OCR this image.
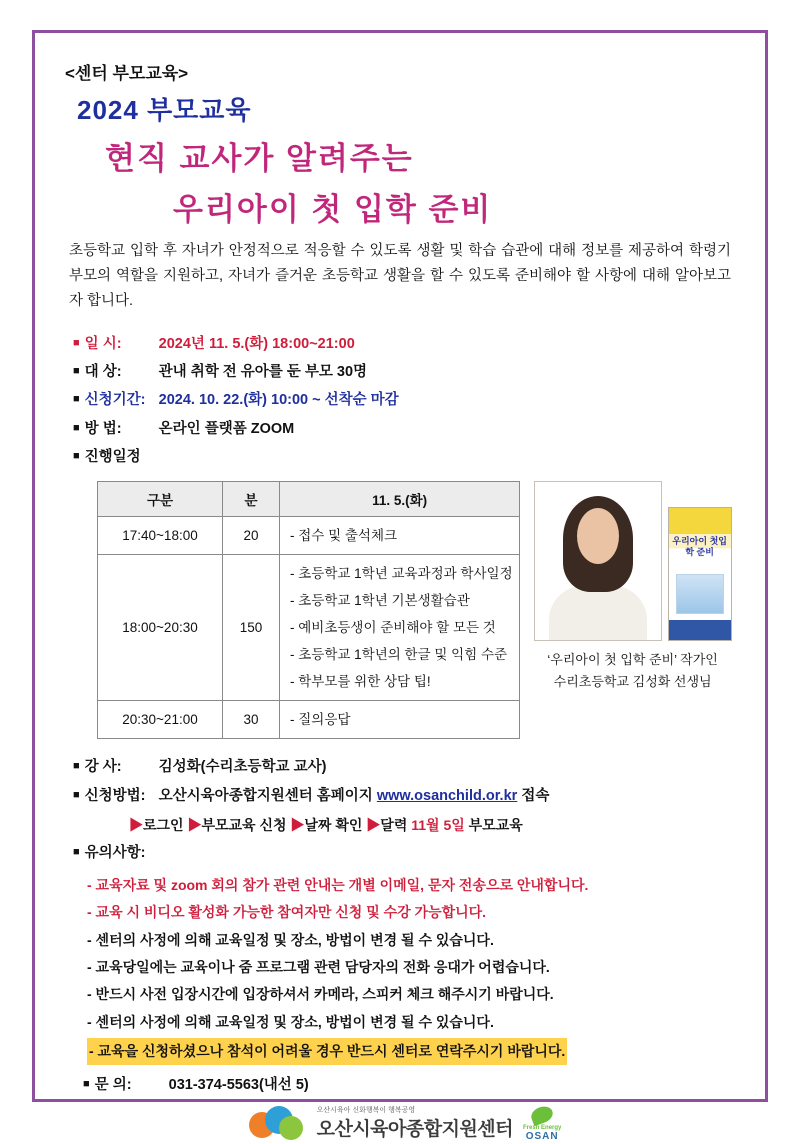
<센터 부모교육>
2024 부모교육
현직 교사가 알려주는
우리아이 첫 입학 준비
초등학교 입학 후 자녀가 안정적으로 적응할 수 있도록 생활 및 학습 습관에 대해 정보를 제공하여 학령기 부모의 역할을 지원하고, 자녀가 즐거운 초등학교 생활을 할 수 있도록 준비해야 할 사항에 대해 알아보고자 합니다.
■ 일 시:	2024년 11. 5.(화) 18:00~21:00
■ 대 상:	관내 취학 전 유아를 둔 부모 30명
■ 신청기간: 2024. 10. 22.(화) 10:00 ~ 선착순 마감
■ 방 법:	온라인 플랫폼 ZOOM
■ 진행일정
구분	분	11. 5.(화)
17:40~18:00	20	- 접수 및 출석체크
18:00~20:30	150	- 초등학교 1학년 교육과정과 학사일정
- 초등학교 1학년 기본생활습관
- 예비초등생이 준비해야 할 모든 것
- 초등학교 1학년의 한글 및 익힘 수준
- 학부모를 위한 상담 팁!

20:30~21:00	30	- 질의응답
우리아이 첫입학 준비
‘우리아이 첫 입학 준비’ 작가인
수리초등학교 김성화 선생님
■ 강 사:	김성화(수리초등학교 교사)
■ 신청방법: 오산시육아종합지원센터 홈페이지 www.osanchild.or.kr 접속
▶로그인 ▶부모교육 신청 ▶날짜 확인 ▶달력 11월 5일 부모교육
■ 유의사항:
- 교육자료 및 zoom 회의 참가 관련 안내는 개별 이메일, 문자 전송으로 안내합니다.
- 교육 시 비디오 활성화 가능한 참여자만 신청 및 수강 가능합니다.
- 센터의 사정에 의해 교육일정 및 장소, 방법이 변경 될 수 있습니다.
- 교육당일에는 교육이나 줌 프로그램 관련 담당자의 전화 응대가 어렵습니다.
- 반드시 사전 입장시간에 입장하셔서 카메라, 스피커 체크 해주시기 바랍니다.
- 센터의 사정에 의해 교육일정 및 장소, 방법이 변경 될 수 있습니다.
- 교육을 신청하셨으나 참석이 어려울 경우 반드시 센터로 연락주시기 바랍니다.
■ 문 의:	031-374-5563(내선 5)
오산시육아 신화행복이 행복공영
오산시육아종합지원센터 Fresh Energy
OSAN
